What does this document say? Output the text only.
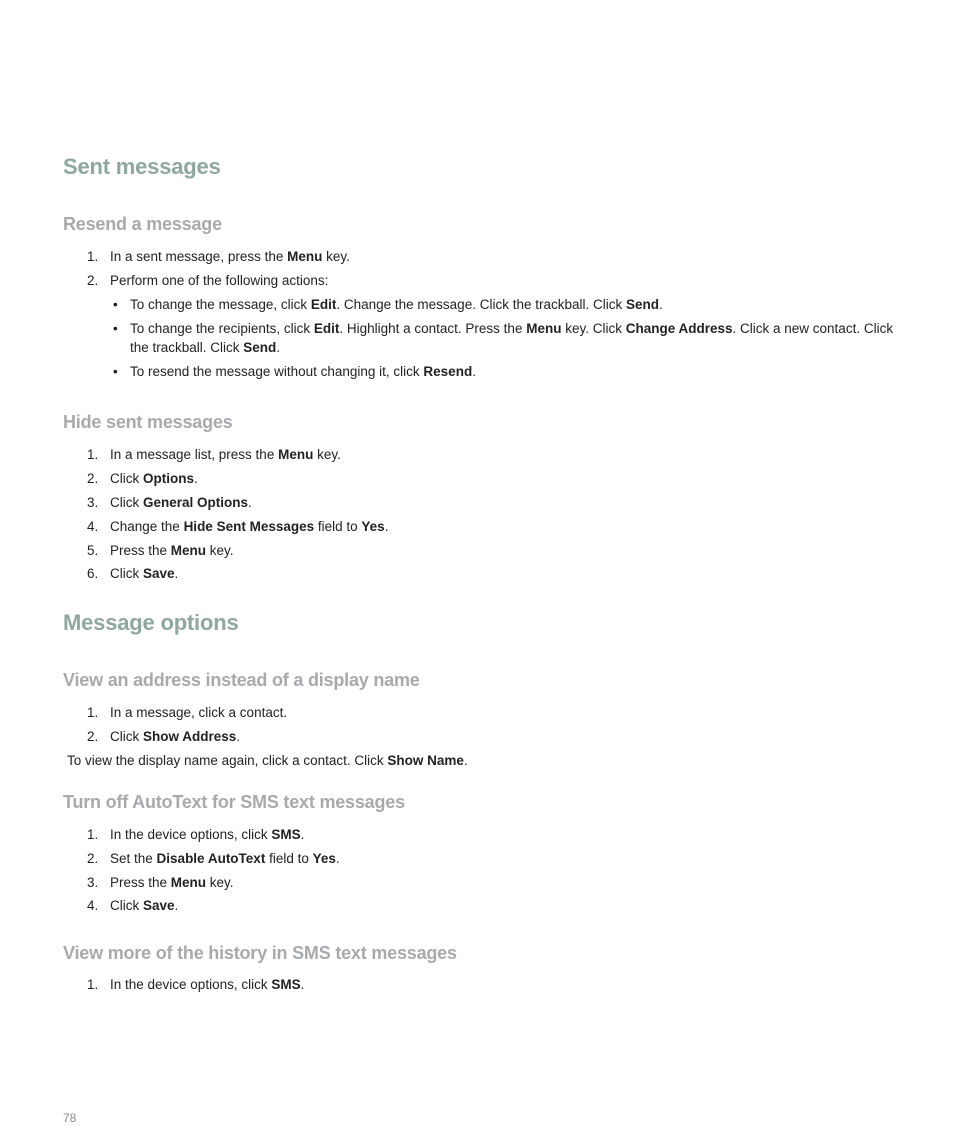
Sent messages
Resend a message
1. In a sent message, press the Menu key.
2. Perform one of the following actions:
• To change the message, click Edit. Change the message. Click the trackball. Click Send.
• To change the recipients, click Edit. Highlight a contact. Press the Menu key. Click Change Address. Click a new contact. Click the trackball. Click Send.
• To resend the message without changing it, click Resend.
Hide sent messages
1. In a message list, press the Menu key.
2. Click Options.
3. Click General Options.
4. Change the Hide Sent Messages field to Yes.
5. Press the Menu key.
6. Click Save.
Message options
View an address instead of a display name
1. In a message, click a contact.
2. Click Show Address.
To view the display name again, click a contact. Click Show Name.
Turn off AutoText for SMS text messages
1. In the device options, click SMS.
2. Set the Disable AutoText field to Yes.
3. Press the Menu key.
4. Click Save.
View more of the history in SMS text messages
1. In the device options, click SMS.
78
